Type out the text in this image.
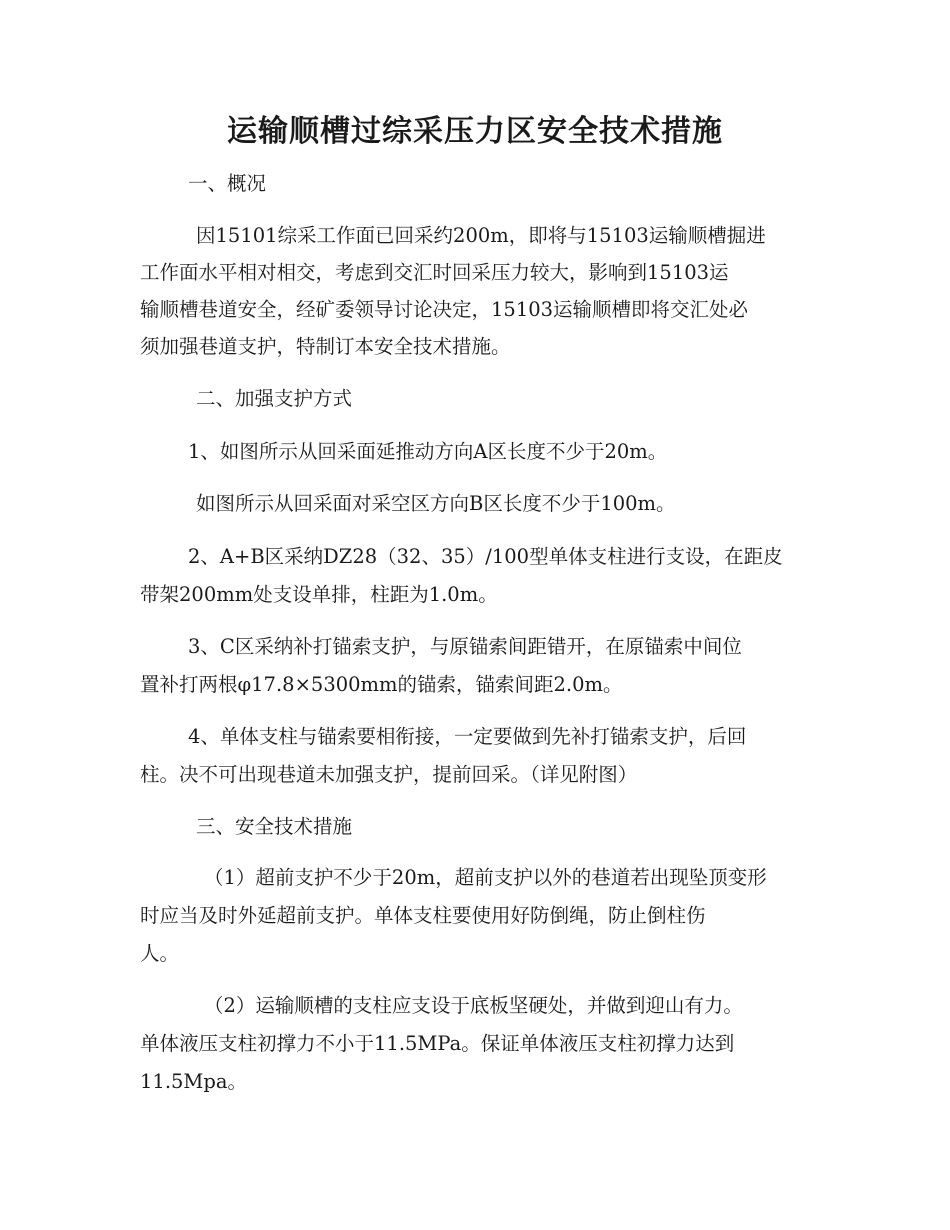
运输顺槽过综采压力区安全技术措施
一、概况
因15101综采工作面已回采约200m，即将与15103运输顺槽掘进
工作面水平相对相交，考虑到交汇时回采压力较大，影响到15103运
输顺槽巷道安全，经矿委领导讨论决定，15103运输顺槽即将交汇处必
须加强巷道支护，特制订本安全技术措施。
二、加强支护方式
1、如图所示从回采面延推动方向A区长度不少于20m。
如图所示从回采面对采空区方向B区长度不少于100m。
2、A+B区采纳DZ28（32、35）/100型单体支柱进行支设，在距皮
带架200mm处支设单排，柱距为1.0m。
3、C区采纳补打锚索支护，与原锚索间距错开，在原锚索中间位
置补打两根φ17.8×5300mm的锚索，锚索间距2.0m。
4、单体支柱与锚索要相衔接，一定要做到先补打锚索支护，后回
柱。决不可出现巷道未加强支护，提前回采。（详见附图）
三、安全技术措施
（1）超前支护不少于20m，超前支护以外的巷道若出现坠顶变形
时应当及时外延超前支护。单体支柱要使用好防倒绳，防止倒柱伤
人。
（2）运输顺槽的支柱应支设于底板坚硬处，并做到迎山有力。
单体液压支柱初撑力不小于11.5MPa。保证单体液压支柱初撑力达到
11.5Mpa。
